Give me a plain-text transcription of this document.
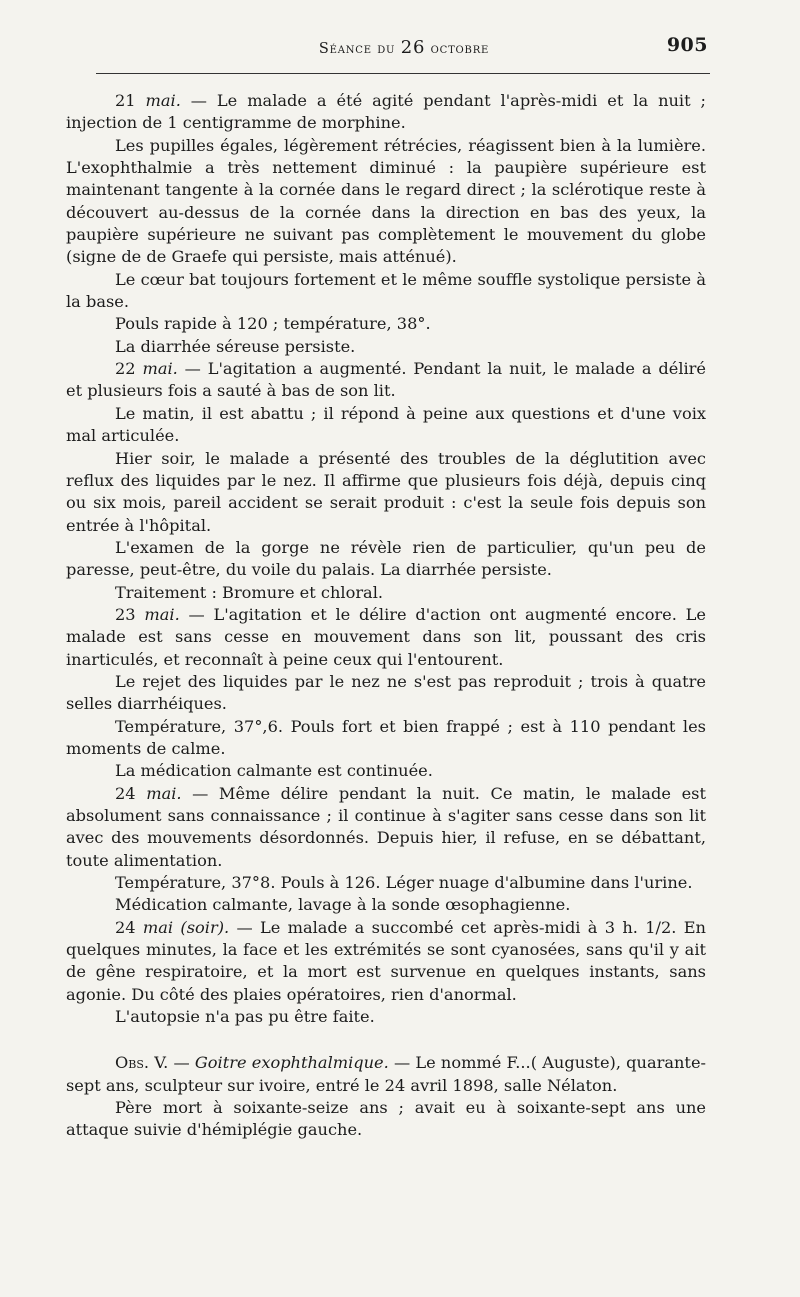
Séance du 26 octobre	905

21 mai. — Le malade a été agité pendant l'après-midi et la nuit ; injection de 1 centigramme de morphine.

Les pupilles égales, légèrement rétrécies, réagissent bien à la lumière. L'exophthalmie a très nettement diminué : la paupière supérieure est maintenant tangente à la cornée dans le regard direct ; la sclérotique reste à découvert au-dessus de la cornée dans la direction en bas des yeux, la paupière supérieure ne suivant pas complètement le mouvement du globe (signe de de Graefe qui persiste, mais atténué).

Le cœur bat toujours fortement et le même souffle systolique persiste à la base.

Pouls rapide à 120 ; température, 38°.

La diarrhée séreuse persiste.

22 mai. — L'agitation a augmenté. Pendant la nuit, le malade a déliré et plusieurs fois a sauté à bas de son lit.

Le matin, il est abattu ; il répond à peine aux questions et d'une voix mal articulée.

Hier soir, le malade a présenté des troubles de la déglutition avec reflux des liquides par le nez. Il affirme que plusieurs fois déjà, depuis cinq ou six mois, pareil accident se serait produit : c'est la seule fois depuis son entrée à l'hôpital.

L'examen de la gorge ne révèle rien de particulier, qu'un peu de paresse, peut-être, du voile du palais. La diarrhée persiste.

Traitement : Bromure et chloral.

23 mai. — L'agitation et le délire d'action ont augmenté encore. Le malade est sans cesse en mouvement dans son lit, poussant des cris inarticulés, et reconnaît à peine ceux qui l'entourent.

Le rejet des liquides par le nez ne s'est pas reproduit ; trois à quatre selles diarrhéiques.

Température, 37°,6. Pouls fort et bien frappé ; est à 110 pendant les moments de calme.

La médication calmante est continuée.

24 mai. — Même délire pendant la nuit. Ce matin, le malade est absolument sans connaissance ; il continue à s'agiter sans cesse dans son lit avec des mouvements désordonnés. Depuis hier, il refuse, en se débattant, toute alimentation.

Température, 37°8. Pouls à 126. Léger nuage d'albumine dans l'urine.

Médication calmante, lavage à la sonde œsophagienne.

24 mai (soir). — Le malade a succombé cet après-midi à 3 h. 1/2. En quelques minutes, la face et les extrémités se sont cyanosées, sans qu'il y ait de gêne respiratoire, et la mort est survenue en quelques instants, sans agonie. Du côté des plaies opératoires, rien d'anormal.

L'autopsie n'a pas pu être faite.

Obs. V. — Goitre exophthalmique. — Le nommé F...( Auguste), quarante-sept ans, sculpteur sur ivoire, entré le 24 avril 1898, salle Nélaton.

Père mort à soixante-seize ans ; avait eu à soixante-sept ans une attaque suivie d'hémiplégie gauche.
